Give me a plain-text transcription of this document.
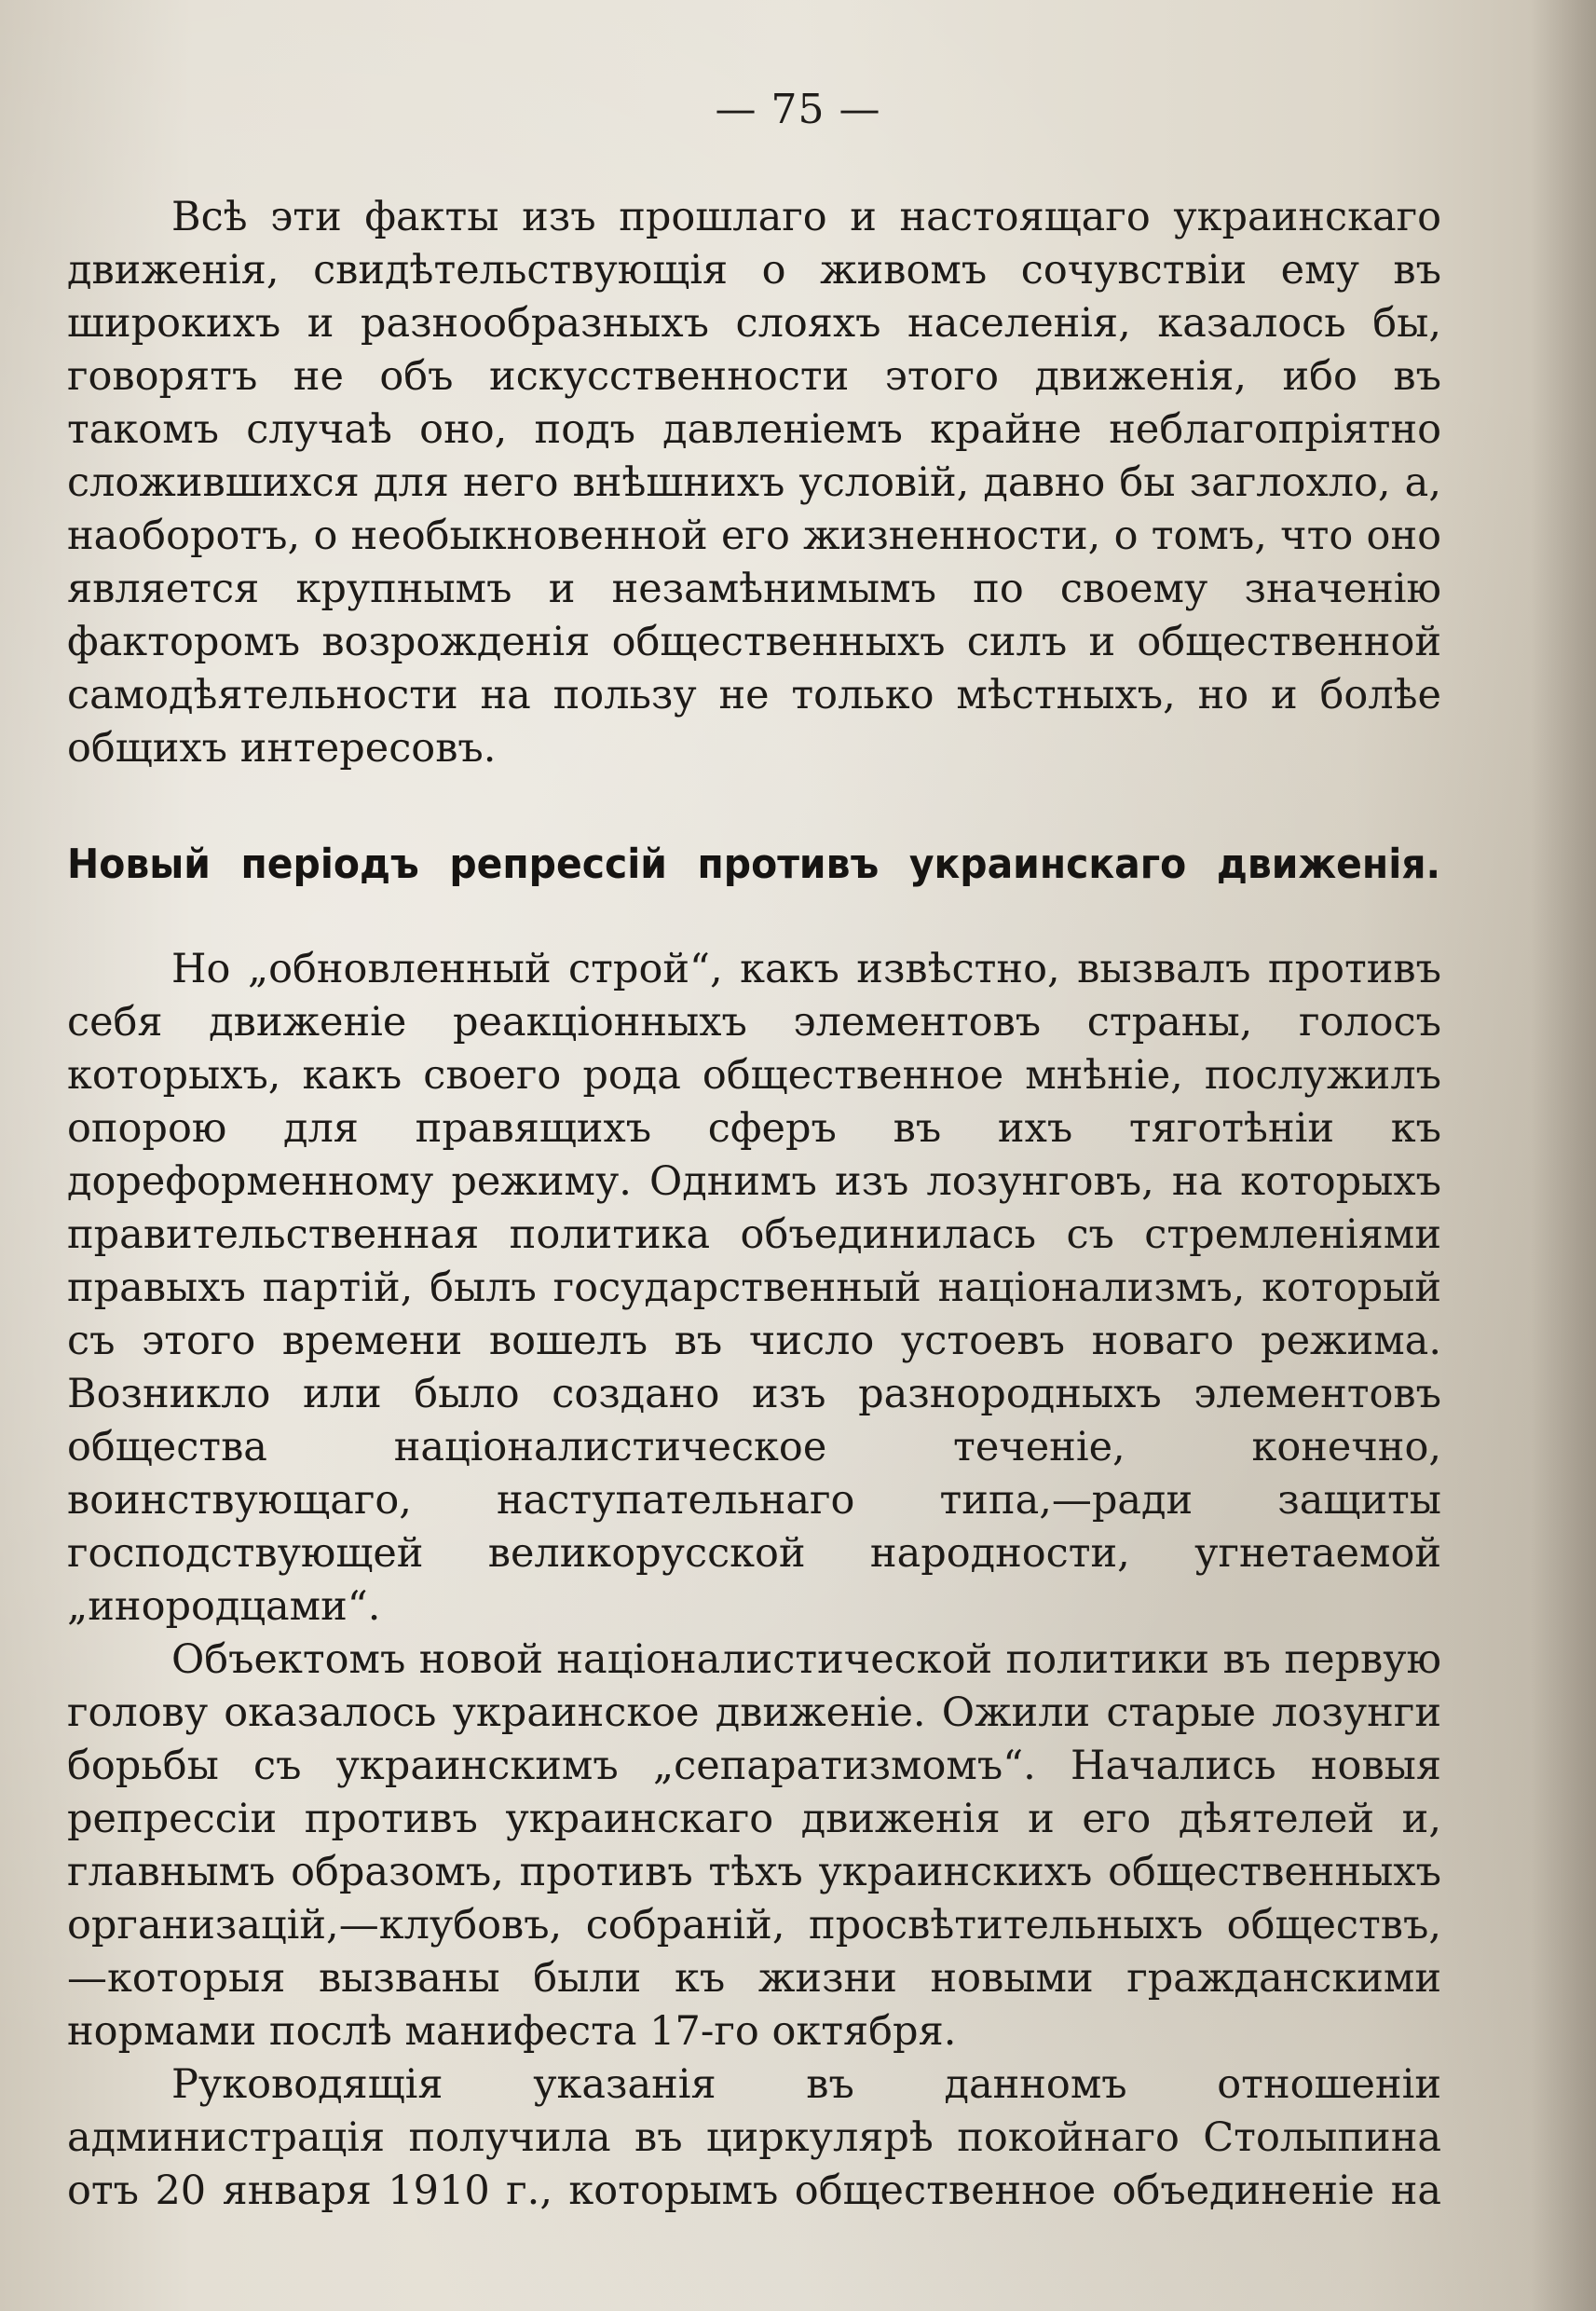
— 75 —

Всѣ эти факты изъ прошлаго и настоящаго украинскаго движенія, свидѣтельствующія о живомъ сочувствіи ему въ широкихъ и разнообразныхъ слояхъ населенія, казалось бы, говорятъ не объ искусственности этого движенія, ибо въ такомъ случаѣ оно, подъ давленіемъ крайне неблагопріятно сложившихся для него внѣшнихъ условій, давно бы заглохло, а, наоборотъ, о необыкновенной его жизненности, о томъ, что оно является крупнымъ и незамѣнимымъ по своему значенію факторомъ возрожденія общественныхъ силъ и общественной самодѣятельности на пользу не только мѣстныхъ, но и болѣе общихъ интересовъ.

Новый періодъ репрессій противъ украинскаго движенія.

Но „обновленный строй“, какъ извѣстно, вызвалъ противъ себя движеніе реакціонныхъ элементовъ страны, голосъ которыхъ, какъ своего рода общественное мнѣніе, послужилъ опорою для правящихъ сферъ въ ихъ тяготѣніи къ дореформенному режиму. Однимъ изъ лозунговъ, на которыхъ правительственная политика объединилась съ стремленіями правыхъ партій, былъ государственный націонализмъ, который съ этого времени вошелъ въ число устоевъ новаго режима. Возникло или было создано изъ разнородныхъ элементовъ общества націоналистическое теченіе, конечно, воинствующаго, наступательнаго типа,—ради защиты господствующей великорусской народности, угнетаемой „инородцами“.

Объектомъ новой націоналистической политики въ первую голову оказалось украинское движеніе. Ожили старые лозунги борьбы съ украинскимъ „сепаратизмомъ“. Начались новыя репрессіи противъ украинскаго движенія и его дѣятелей и, главнымъ образомъ, противъ тѣхъ украинскихъ общественныхъ организацій,—клубовъ, собраній, просвѣтительныхъ обществъ,—которыя вызваны были къ жизни новыми гражданскими нормами послѣ манифеста 17-го октября.

Руководящія указанія въ данномъ отношеніи администрація получила въ циркулярѣ покойнаго Столыпина отъ 20 января 1910 г., которымъ общественное объединеніе на
